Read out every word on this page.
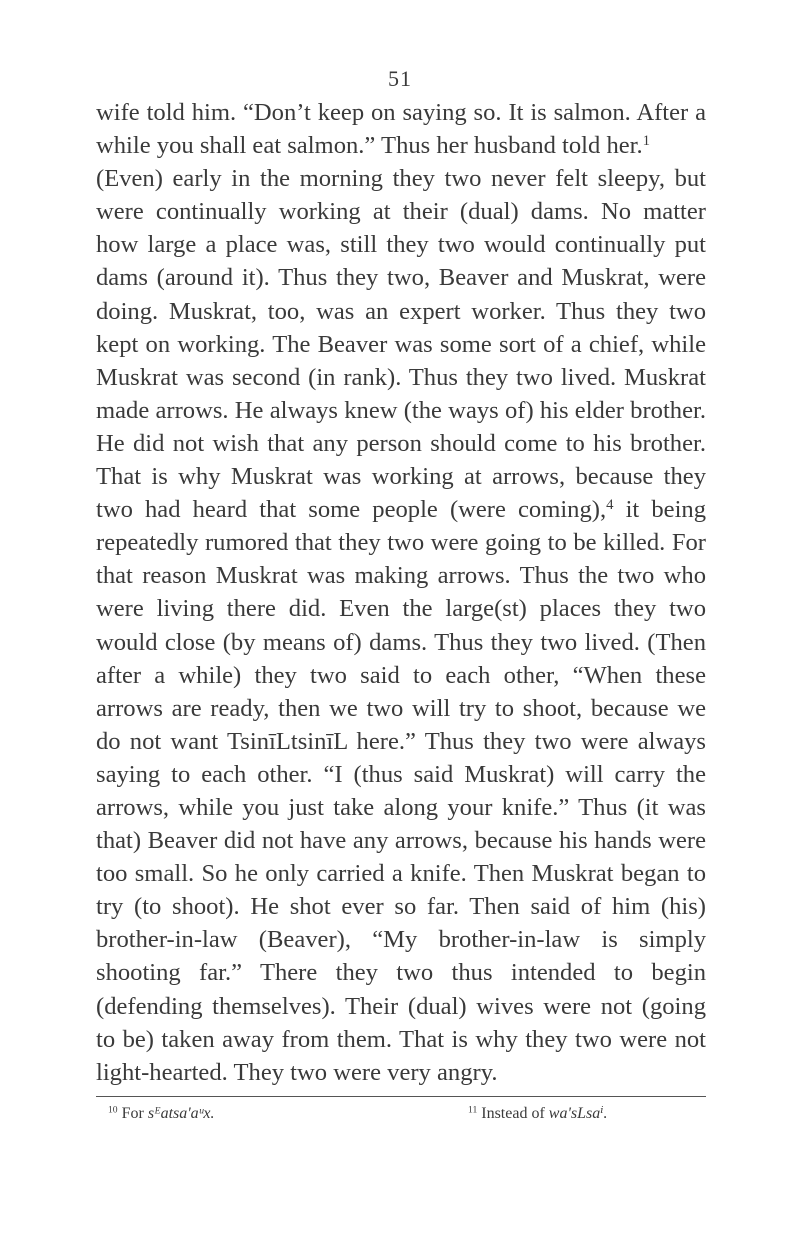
51

wife told him. “Don’t keep on saying so. It is salmon. After a while you shall eat salmon.” Thus her husband told her.$^1$

(Even) early in the morning they two never felt sleepy, but were continually working at their (dual) dams. No matter how large a place was, still they two would continually put dams (around it). Thus they two, Beaver and Muskrat, were doing. Muskrat, too, was an expert worker. Thus they two kept on working. The Beaver was some sort of a chief, while Muskrat was second (in rank). Thus they two lived. Muskrat made arrows. He always knew (the ways of) his elder brother. He did not wish that any person should come to his brother. That is why Muskrat was working at arrows, because they two had heard that some people (were coming),$^4$ it being repeatedly rumored that they two were going to be killed. For that reason Muskrat was making arrows. Thus the two who were living there did. Even the large(st) places they two would close (by means of) dams. Thus they two lived. (Then after a while) they two said to each other, “When these arrows are ready, then we two will try to shoot, because we do not want TsinīLtsinīL here.” Thus they two were always saying to each other. “I (thus said Muskrat) will carry the arrows, while you just take along your knife.” Thus (it was that) Beaver did not have any arrows, because his hands were too small. So he only carried a knife. Then Muskrat began to try (to shoot). He shot ever so far. Then said of him (his) brother-in-law (Beaver), “My brother-in-law is simply shooting far.” There they two thus intended to begin (defending themselves). Their (dual) wives were not (going to be) taken away from them. That is why they two were not light-hearted. They two were very angry.

$^{10}$ For sᴱatsa'aᵘx.	$^{11}$ Instead of wa'sLsaⁱ.
